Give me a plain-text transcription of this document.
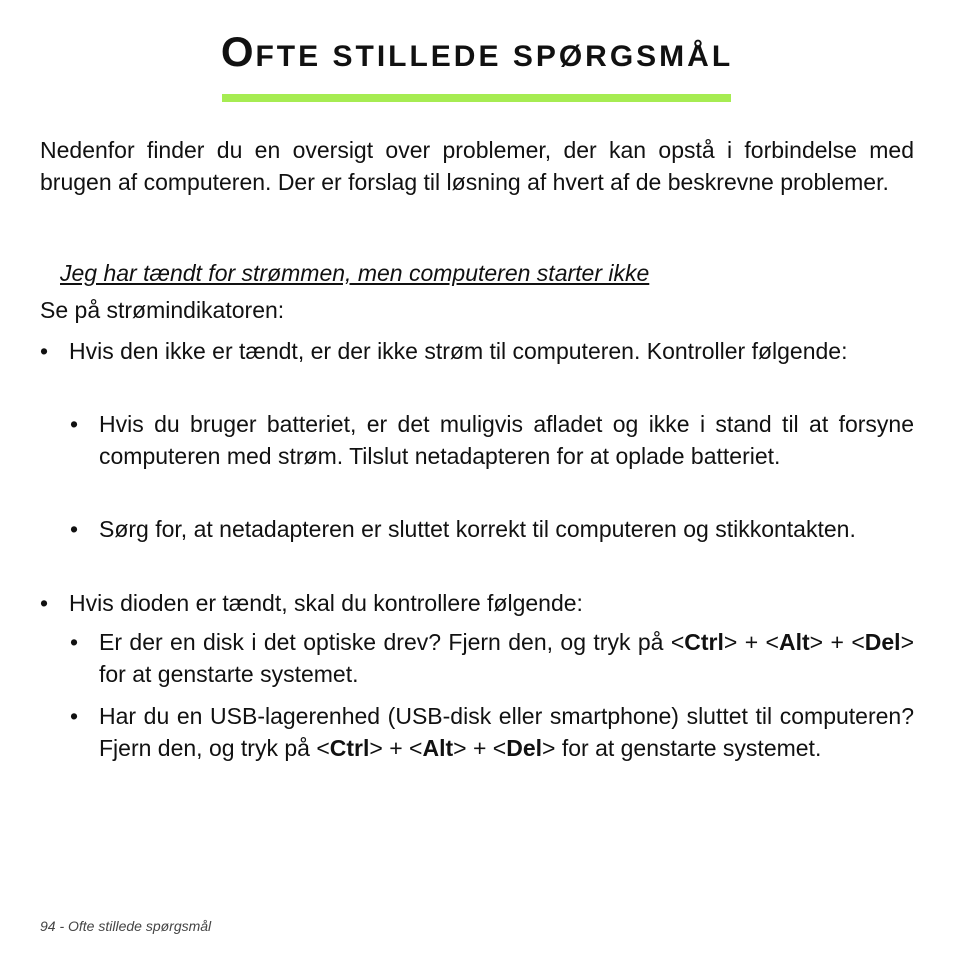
OFTE STILLEDE SPØRGSMÅL
Nedenfor finder du en oversigt over problemer, der kan opstå i forbindelse med brugen af computeren. Der er forslag til løsning af hvert af de beskrevne problemer.
Jeg har tændt for strømmen, men computeren starter ikke
Se på strømindikatoren:
• Hvis den ikke er tændt, er der ikke strøm til computeren. Kontroller følgende:
• Hvis du bruger batteriet, er det muligvis afladet og ikke i stand til at forsyne computeren med strøm. Tilslut netadapteren for at oplade batteriet.
• Sørg for, at netadapteren er sluttet korrekt til computeren og stikkontakten.
• Hvis dioden er tændt, skal du kontrollere følgende:
• Er der en disk i det optiske drev? Fjern den, og tryk på <Ctrl> + <Alt> + <Del> for at genstarte systemet.
• Har du en USB-lagerenhed (USB-disk eller smartphone) sluttet til computeren? Fjern den, og tryk på <Ctrl> + <Alt> + <Del> for at genstarte systemet.
94 - Ofte stillede spørgsmål
